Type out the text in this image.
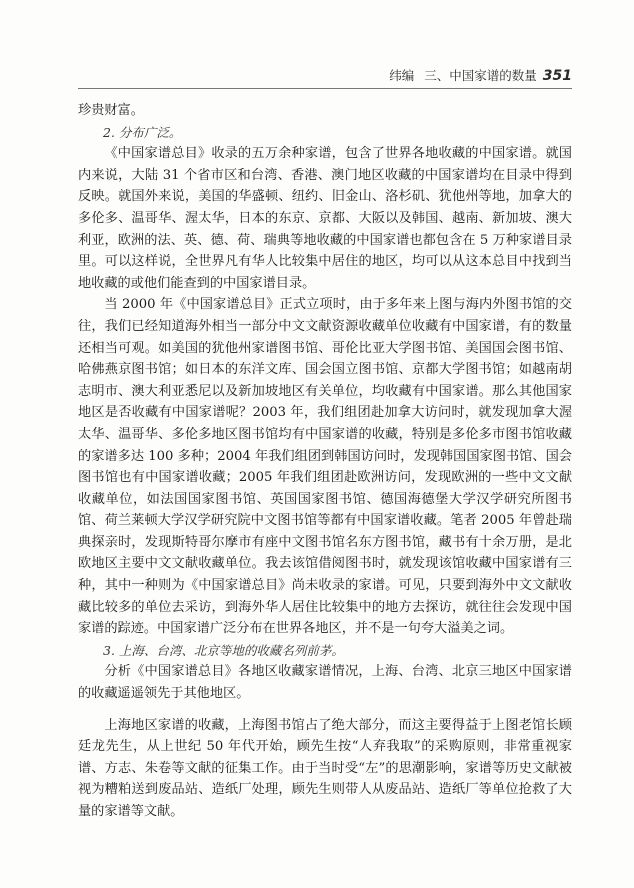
纬编 三、中国家谱的数量 351

珍贵财富。

2. 分布广泛。

《中国家谱总目》收录的五万余种家谱，包含了世界各地收藏的中国家谱。就国内来说，大陆 31 个省市区和台湾、香港、澳门地区收藏的中国家谱均在目录中得到反映。就国外来说，美国的华盛顿、纽约、旧金山、洛杉矶、犹他州等地，加拿大的多伦多、温哥华、渥太华，日本的东京、京都、大阪以及韩国、越南、新加坡、澳大利亚，欧洲的法、英、德、荷、瑞典等地收藏的中国家谱也都包含在 5 万种家谱目录里。可以这样说，全世界凡有华人比较集中居住的地区，均可以从这本总目中找到当地收藏的或他们能查到的中国家谱目录。

当 2000 年《中国家谱总目》正式立项时，由于多年来上图与海内外图书馆的交往，我们已经知道海外相当一部分中文文献资源收藏单位收藏有中国家谱，有的数量还相当可观。如美国的犹他州家谱图书馆、哥伦比亚大学图书馆、美国国会图书馆、哈佛燕京图书馆；如日本的东洋文库、国会国立图书馆、京都大学图书馆；如越南胡志明市、澳大利亚悉尼以及新加坡地区有关单位，均收藏有中国家谱。那么其他国家地区是否收藏有中国家谱呢？2003 年，我们组团赴加拿大访问时，就发现加拿大渥太华、温哥华、多伦多地区图书馆均有中国家谱的收藏，特别是多伦多市图书馆收藏的家谱多达 100 多种；2004 年我们组团到韩国访问时，发现韩国国家图书馆、国会图书馆也有中国家谱收藏；2005 年我们组团赴欧洲访问，发现欧洲的一些中文文献收藏单位，如法国国家图书馆、英国国家图书馆、德国海德堡大学汉学研究所图书馆、荷兰莱顿大学汉学研究院中文图书馆等都有中国家谱收藏。笔者 2005 年曾赴瑞典探亲时，发现斯特哥尔摩市有座中文图书馆名东方图书馆，藏书有十余万册，是北欧地区主要中文文献收藏单位。我去该馆借阅图书时，就发现该馆收藏中国家谱有三种，其中一种则为《中国家谱总目》尚未收录的家谱。可见，只要到海外中文文献收藏比较多的单位去采访，到海外华人居住比较集中的地方去探访，就往往会发现中国家谱的踪迹。中国家谱广泛分布在世界各地区，并不是一句夸大溢美之词。

3. 上海、台湾、北京等地的收藏名列前茅。

分析《中国家谱总目》各地区收藏家谱情况，上海、台湾、北京三地区中国家谱的收藏遥遥领先于其他地区。

上海地区家谱的收藏，上海图书馆占了绝大部分，而这主要得益于上图老馆长顾廷龙先生，从上世纪 50 年代开始，顾先生按“人弃我取”的采购原则，非常重视家谱、方志、朱卷等文献的征集工作。由于当时受“左”的思潮影响，家谱等历史文献被视为糟粕送到废品站、造纸厂处理，顾先生则带人从废品站、造纸厂等单位抢救了大量的家谱等文献。
